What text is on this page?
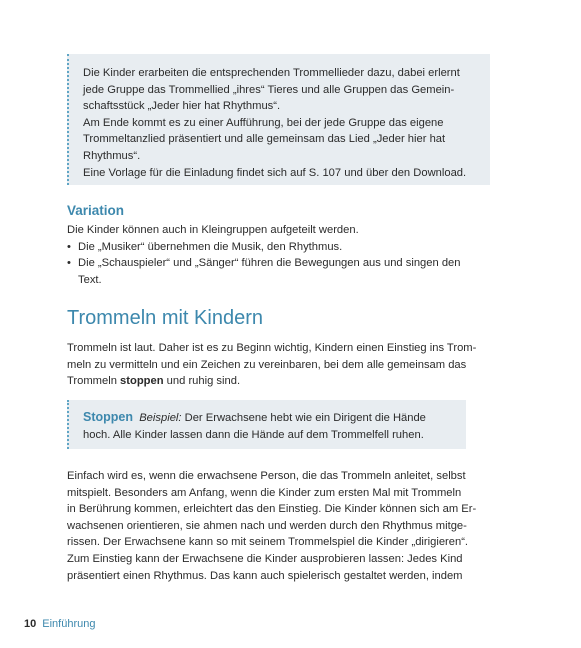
Die Kinder erarbeiten die entsprechenden Trommellieder dazu, dabei erlernt

jede Gruppe das Trommellied „ihres“ Tieres und alle Gruppen das Gemein-

schaftsstück „Jeder hier hat Rhythmus“.

Am Ende kommt es zu einer Aufführung, bei der jede Gruppe das eigene

Trommeltanzlied präsentiert und alle gemeinsam das Lied „Jeder hier hat

Rhythmus“.

Eine Vorlage für die Einladung findet sich auf S. 107 und über den Download.

Variation

Die Kinder können auch in Kleingruppen aufgeteilt werden.

• Die „Musiker“ übernehmen die Musik, den Rhythmus.

• Die „Schauspieler“ und „Sänger“ führen die Bewegungen aus und singen den

Text.

Trommeln mit Kindern

Trommeln ist laut. Daher ist es zu Beginn wichtig, Kindern einen Einstieg ins Trom-

meln zu vermitteln und ein Zeichen zu vereinbaren, bei dem alle gemeinsam das

Trommeln stoppen und ruhig sind.

Stoppen Beispiel: Der Erwachsene hebt wie ein Dirigent die Hände

hoch. Alle Kinder lassen dann die Hände auf dem Trommelfell ruhen.

Einfach wird es, wenn die erwachsene Person, die das Trommeln anleitet, selbst

mitspielt. Besonders am Anfang, wenn die Kinder zum ersten Mal mit Trommeln

in Berührung kommen, erleichtert das den Einstieg. Die Kinder können sich am Er-

wachsenen orientieren, sie ahmen nach und werden durch den Rhythmus mitge-

rissen. Der Erwachsene kann so mit seinem Trommelspiel die Kinder „dirigieren“.

Zum Einstieg kann der Erwachsene die Kinder ausprobieren lassen: Jedes Kind

präsentiert einen Rhythmus. Das kann auch spielerisch gestaltet werden, indem

10 Einführung
